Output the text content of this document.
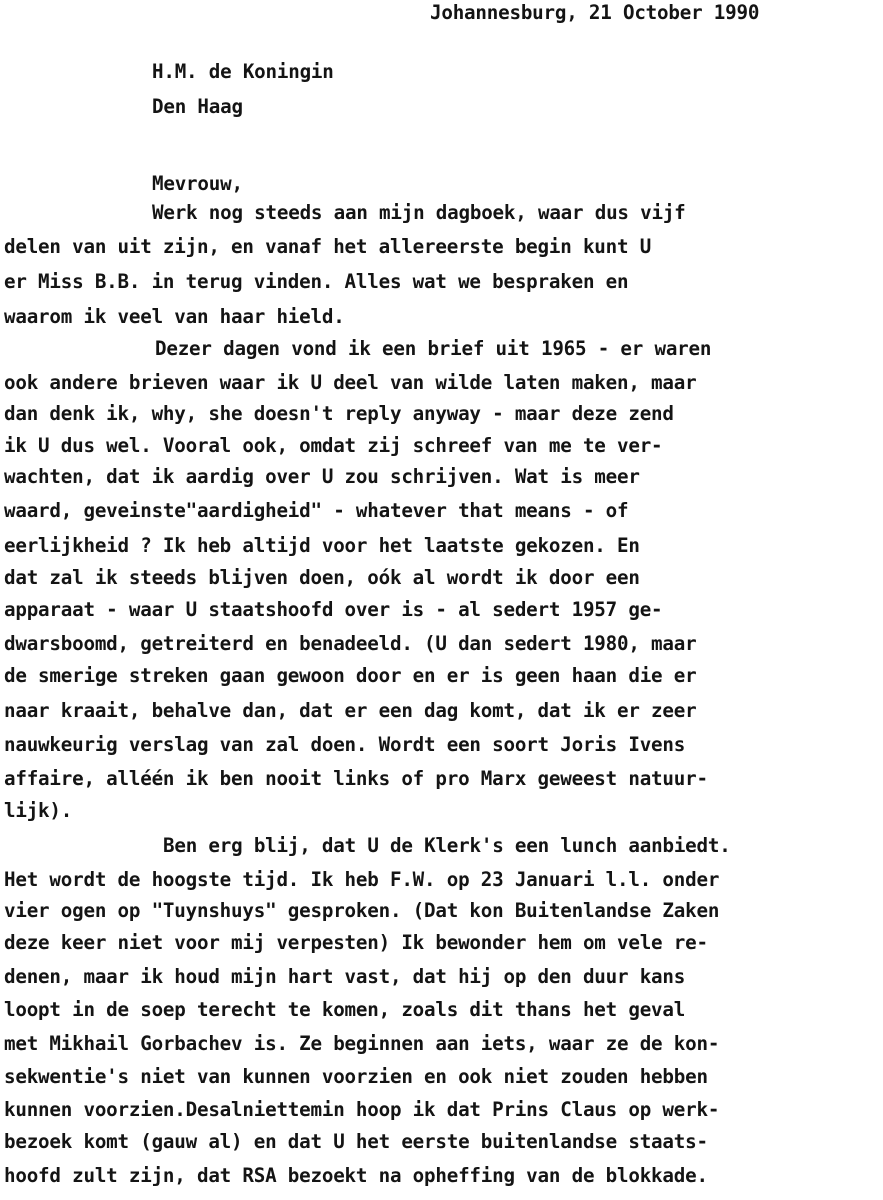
Johannesburg, 21 October 1990
H.M. de Koningin
Den Haag
Mevrouw,
Werk nog steeds aan mijn dagboek, waar dus vijf
delen van uit zijn, en vanaf het allereerste begin kunt U
er Miss B.B. in terug vinden. Alles wat we bespraken en
waarom ik veel van haar hield.
Dezer dagen vond ik een brief uit 1965 - er waren
ook andere brieven waar ik U deel van wilde laten maken, maar
dan denk ik, why, she doesn't reply anyway - maar deze zend
ik U dus wel. Vooral ook, omdat zij schreef van me te ver-
wachten, dat ik aardig over U zou schrijven. Wat is meer
waard, geveinste"aardigheid" - whatever that means - of
eerlijkheid ? Ik heb altijd voor het laatste gekozen. En
dat zal ik steeds blijven doen, oók al wordt ik door een
apparaat - waar U staatshoofd over is - al sedert 1957 ge-
dwarsboomd, getreiterd en benadeeld. (U dan sedert 1980, maar
de smerige streken gaan gewoon door en er is geen haan die er
naar kraait, behalve dan, dat er een dag komt, dat ik er zeer
nauwkeurig verslag van zal doen. Wordt een soort Joris Ivens
affaire, alléén ik ben nooit links of pro Marx geweest natuur-
lijk).
Ben erg blij, dat U de Klerk's een lunch aanbiedt.
Het wordt de hoogste tijd. Ik heb F.W. op 23 Januari l.l. onder
vier ogen op "Tuynshuys" gesproken. (Dat kon Buitenlandse Zaken
deze keer niet voor mij verpesten) Ik bewonder hem om vele re-
denen, maar ik houd mijn hart vast, dat hij op den duur kans
loopt in de soep terecht te komen, zoals dit thans het geval
met Mikhail Gorbachev is. Ze beginnen aan iets, waar ze de kon-
sekwentie's niet van kunnen voorzien en ook niet zouden hebben
kunnen voorzien.Desalniettemin hoop ik dat Prins Claus op werk-
bezoek komt (gauw al) en dat U het eerste buitenlandse staats-
hoofd zult zijn, dat RSA bezoekt na opheffing van de blokkade.
